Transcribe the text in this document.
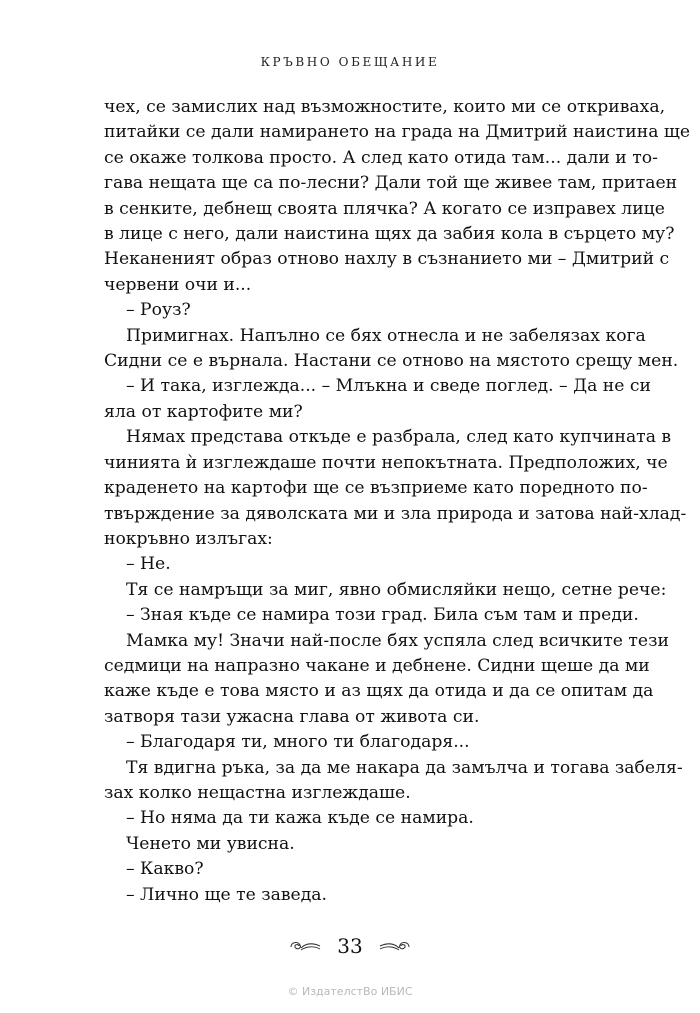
КРЪВНО ОБЕЩАНИЕ
чех, се замислих над възможностите, които ми се откриваха,
питайки се дали намирането на града на Дмитрий наистина ще
се окаже толкова просто. А след като отида там... дали и то-
гава нещата ще са по-лесни? Дали той ще живее там, притаен
в сенките, дебнещ своята плячка? А когато се изправех лице
в лице с него, дали наистина щях да забия кола в сърцето му?
Неканеният образ отново нахлу в съзнанието ми – Дмитрий с
червени очи и...
– Роуз?
Примигнах. Напълно се бях отнесла и не забелязах кога
Сидни се е върнала. Настани се отново на мястото срещу мен.
– И така, изглежда... – Млъкна и сведе поглед. – Да не си
яла от картофите ми?
Нямах представа откъде е разбрала, след като купчината в
чинията ѝ изглеждаше почти непокътната. Предположих, че
краденето на картофи ще се възприеме като поредното по-
твърждение за дяволската ми и зла природа и затова най-хлад-
нокръвно излъгах:
– Не.
Тя се намръщи за миг, явно обмисляйки нещо, сетне рече:
– Зная къде се намира този град. Била съм там и преди.
Мамка му! Значи най-после бях успяла след всичките тези
седмици на напразно чакане и дебнене. Сидни щеше да ми
каже къде е това място и аз щях да отида и да се опитам да
затворя тази ужасна глава от живота си.
– Благодаря ти, много ти благодаря...
Тя вдигна ръка, за да ме накара да замълча и тогава забеля-
зах колко нещастна изглеждаше.
– Но няма да ти кажа къде се намира.
Ченето ми увисна.
– Какво?
– Лично ще те заведа.
33
© ИздателстВо ИБИС
